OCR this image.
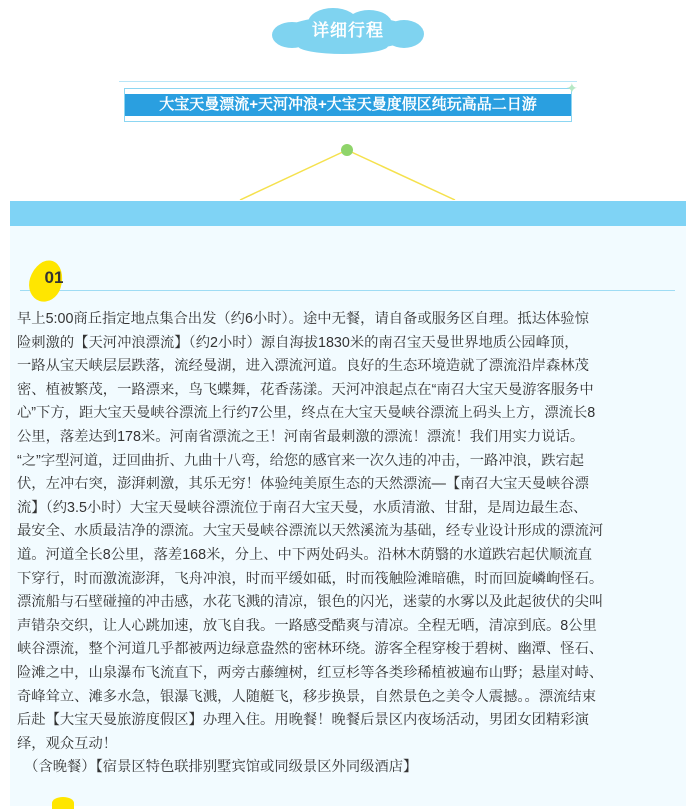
详细行程
大宝天曼漂流+天河冲浪+大宝天曼度假区纯玩高品二日游
✦
01

早上5:00商丘指定地点集合出发（约6小时）。途中无餐，请自备或服务区自理。抵达体验惊

险刺激的【天河冲浪漂流】（约2小时）源自海拔1830米的南召宝天曼世界地质公园峰顶，

一路从宝天峡层层跌落，流经曼湖，进入漂流河道。良好的生态环境造就了漂流沿岸森林茂

密、植被繁茂，一路漂来，鸟飞蝶舞，花香荡漾。天河冲浪起点在“南召大宝天曼游客服务中

心”下方，距大宝天曼峡谷漂流上行约7公里，终点在大宝天曼峡谷漂流上码头上方，漂流长8

公里，落差达到178米。河南省漂流之王！河南省最刺激的漂流！漂流！我们用实力说话。

“之”字型河道，迂回曲折、九曲十八弯，给您的感官来一次久违的冲击，一路冲浪，跌宕起

伏，左冲右突，澎湃刺激，其乐无穷！体验纯美原生态的天然漂流—【南召大宝天曼峡谷漂

流】（约3.5小时）大宝天曼峡谷漂流位于南召大宝天曼，水质清澈、甘甜，是周边最生态、

最安全、水质最洁净的漂流。大宝天曼峡谷漂流以天然溪流为基础，经专业设计形成的漂流河

道。河道全长8公里，落差168米，分上、中下两处码头。沿林木荫翳的水道跌宕起伏顺流直

下穿行，时而激流澎湃，飞舟冲浪，时而平缓如砥，时而筏触险滩暗礁，时而回旋嶙峋怪石。

漂流船与石壁碰撞的冲击感，水花飞溅的清凉，银色的闪光，迷蒙的水雾以及此起彼伏的尖叫

声错杂交织，让人心跳加速，放飞自我。一路感受酷爽与清凉。全程无晒，清凉到底。8公里

峡谷漂流，整个河道几乎都被两边绿意盎然的密林环绕。游客全程穿梭于碧树、幽潭、怪石、

险滩之中，山泉瀑布飞流直下，两旁古藤缠树，红豆杉等各类珍稀植被遍布山野；悬崖对峙、

奇峰耸立、滩多水急，银瀑飞溅，人随艇飞，移步换景，自然景色之美令人震撼。。漂流结束

后赴【大宝天曼旅游度假区】办理入住。用晚餐！晚餐后景区内夜场活动，男团女团精彩演

绎，观众互动！

　（含晚餐）【宿景区特色联排别墅宾馆或同级景区外同级酒店】
